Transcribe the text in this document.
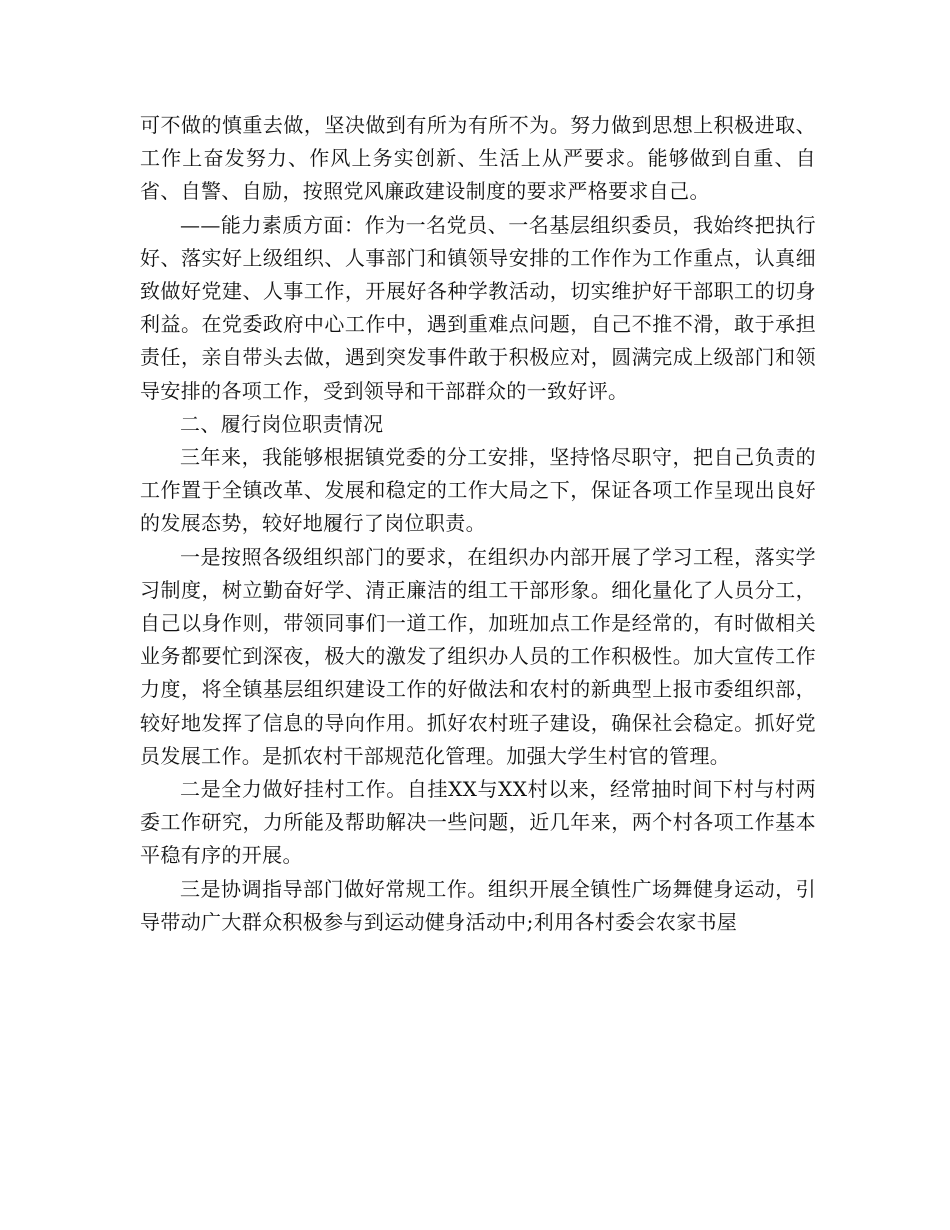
可不做的慎重去做，坚决做到有所为有所不为。努力做到思想上积极进取、工作上奋发努力、作风上务实创新、生活上从严要求。能够做到自重、自省、自警、自励，按照党风廉政建设制度的要求严格要求自己。

——能力素质方面：作为一名党员、一名基层组织委员，我始终把执行好、落实好上级组织、人事部门和镇领导安排的工作作为工作重点，认真细致做好党建、人事工作，开展好各种学教活动，切实维护好干部职工的切身利益。在党委政府中心工作中，遇到重难点问题，自己不推不滑，敢于承担责任，亲自带头去做，遇到突发事件敢于积极应对，圆满完成上级部门和领导安排的各项工作，受到领导和干部群众的一致好评。

二、履行岗位职责情况

三年来，我能够根据镇党委的分工安排，坚持恪尽职守，把自己负责的工作置于全镇改革、发展和稳定的工作大局之下，保证各项工作呈现出良好的发展态势，较好地履行了岗位职责。

一是按照各级组织部门的要求，在组织办内部开展了学习工程，落实学习制度，树立勤奋好学、清正廉洁的组工干部形象。细化量化了人员分工，自己以身作则，带领同事们一道工作，加班加点工作是经常的，有时做相关业务都要忙到深夜，极大的激发了组织办人员的工作积极性。加大宣传工作力度，将全镇基层组织建设工作的好做法和农村的新典型上报市委组织部，较好地发挥了信息的导向作用。抓好农村班子建设，确保社会稳定。抓好党员发展工作。是抓农村干部规范化管理。加强大学生村官的管理。

二是全力做好挂村工作。自挂XX与XX村以来，经常抽时间下村与村两委工作研究，力所能及帮助解决一些问题，近几年来，两个村各项工作基本平稳有序的开展。

三是协调指导部门做好常规工作。组织开展全镇性广场舞健身运动，引导带动广大群众积极参与到运动健身活动中;利用各村委会农家书屋
